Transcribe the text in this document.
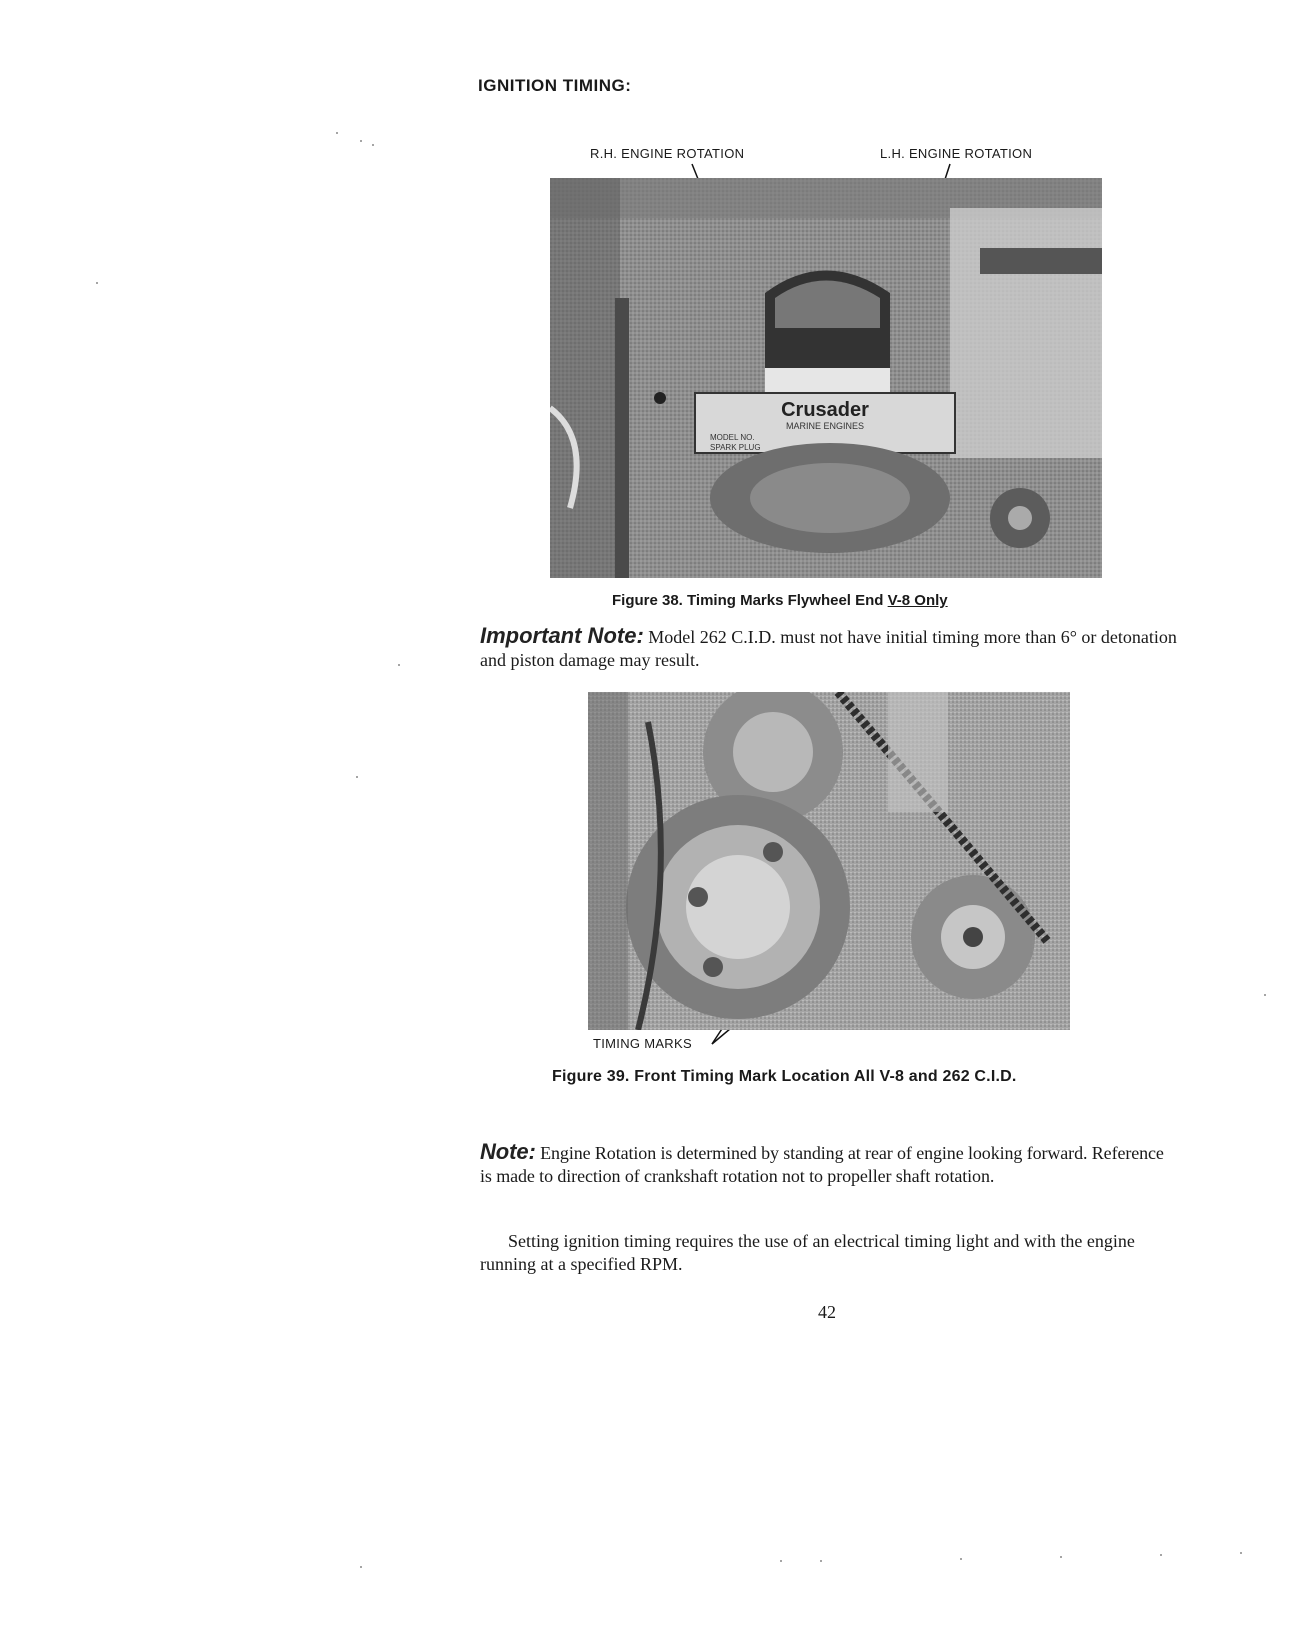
IGNITION TIMING:
R.H. ENGINE ROTATION	L.H. ENGINE ROTATION
Crusader
MARINE ENGINES
MODEL NO.
SPARK PLUG
Figure 38. Timing Marks Flywheel End V-8 Only
Important Note: Model 262 C.I.D. must not have initial timing more than 6° or detonation and piston damage may result.
TIMING MARKS
Figure 39. Front Timing Mark Location All V-8 and 262 C.I.D.
Note: Engine Rotation is determined by standing at rear of engine looking forward. Reference is made to direction of crankshaft rotation not to propeller shaft rotation.
Setting ignition timing requires the use of an electrical timing light and with the engine running at a specified RPM.
42
